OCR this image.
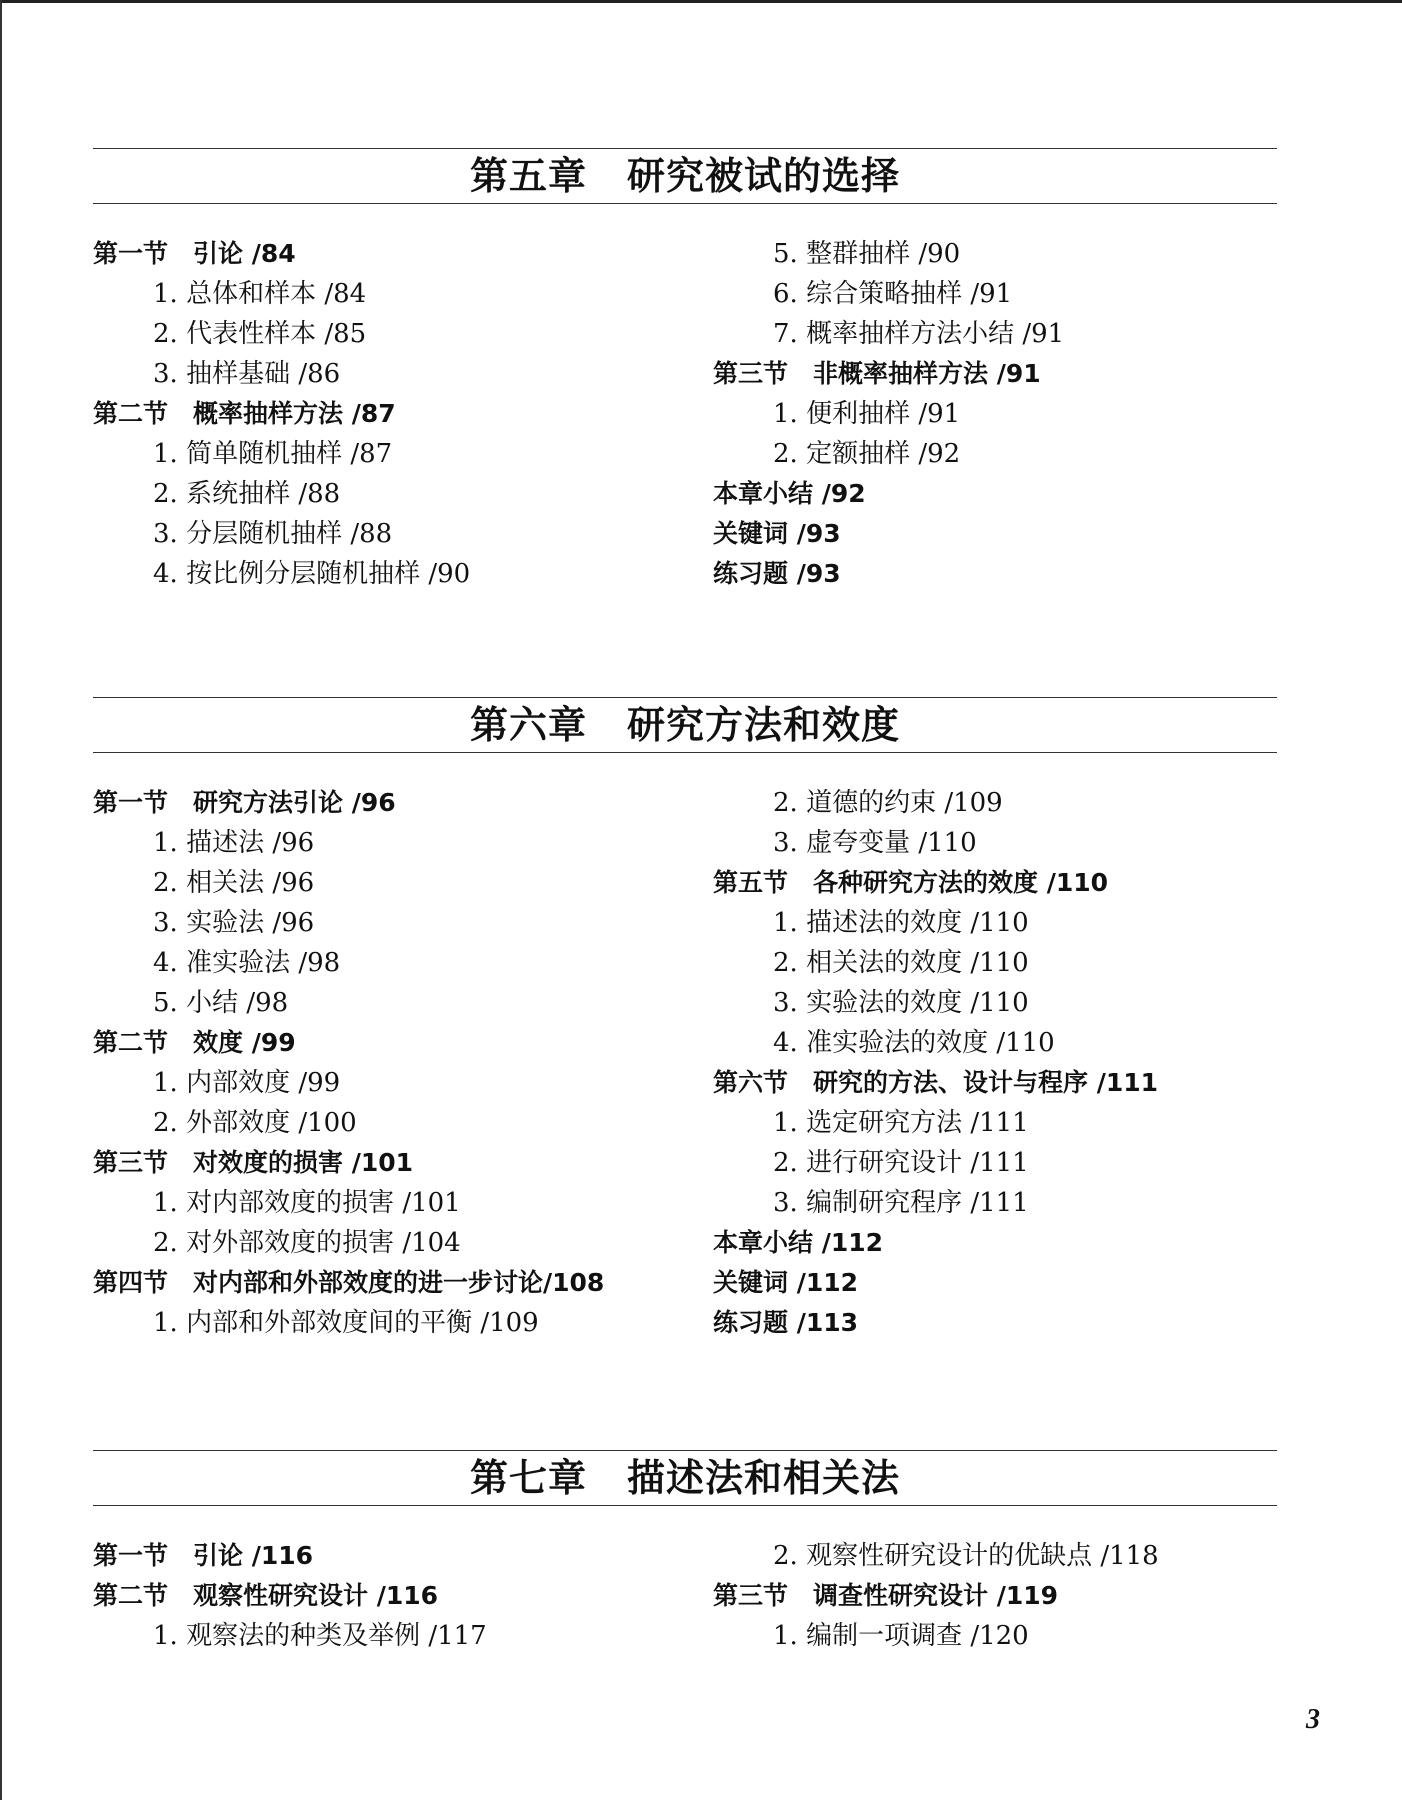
第五章 研究被试的选择
第一节 引论 /84
1. 总体和样本 /84
2. 代表性样本 /85
3. 抽样基础 /86
第二节 概率抽样方法 /87
1. 简单随机抽样 /87
2. 系统抽样 /88
3. 分层随机抽样 /88
4. 按比例分层随机抽样 /90
5. 整群抽样 /90
6. 综合策略抽样 /91
7. 概率抽样方法小结 /91
第三节 非概率抽样方法 /91
1. 便利抽样 /91
2. 定额抽样 /92
本章小结 /92
关键词 /93
练习题 /93
第六章 研究方法和效度
第一节 研究方法引论 /96
1. 描述法 /96
2. 相关法 /96
3. 实验法 /96
4. 准实验法 /98
5. 小结 /98
第二节 效度 /99
1. 内部效度 /99
2. 外部效度 /100
第三节 对效度的损害 /101
1. 对内部效度的损害 /101
2. 对外部效度的损害 /104
第四节 对内部和外部效度的进一步讨论/108
1. 内部和外部效度间的平衡 /109
2. 道德的约束 /109
3. 虚夸变量 /110
第五节 各种研究方法的效度 /110
1. 描述法的效度 /110
2. 相关法的效度 /110
3. 实验法的效度 /110
4. 准实验法的效度 /110
第六节 研究的方法、设计与程序 /111
1. 选定研究方法 /111
2. 进行研究设计 /111
3. 编制研究程序 /111
本章小结 /112
关键词 /112
练习题 /113
第七章 描述法和相关法
第一节 引论 /116
第二节 观察性研究设计 /116
1. 观察法的种类及举例 /117
2. 观察性研究设计的优缺点 /118
第三节 调查性研究设计 /119
1. 编制一项调查 /120
3
